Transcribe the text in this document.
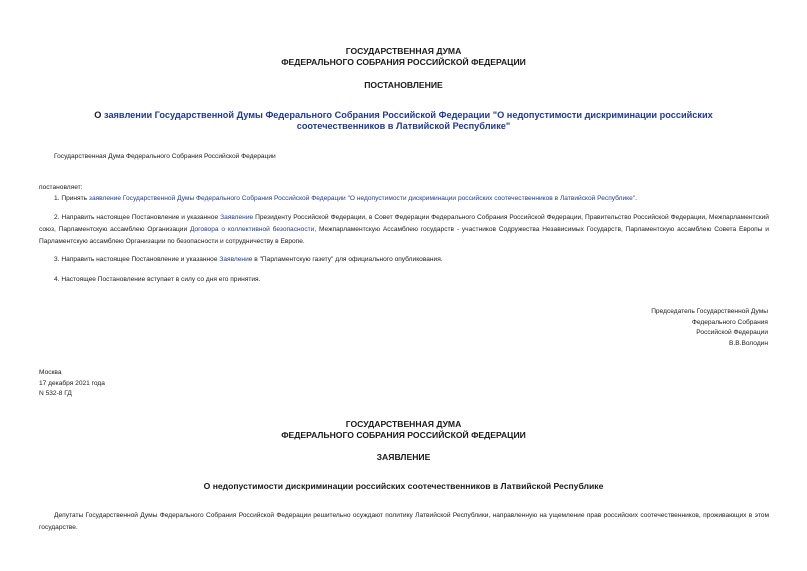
ГОСУДАРСТВЕННАЯ ДУМА
ФЕДЕРАЛЬНОГО СОБРАНИЯ РОССИЙСКОЙ ФЕДЕРАЦИИ
ПОСТАНОВЛЕНИЕ
О заявлении Государственной Думы Федерального Собрания Российской Федерации "О недопустимости дискриминации российских соотечественников в Латвийской Республике"
Государственная Дума Федерального Собрания Российской Федерации
постановляет:
1. Принять заявление Государственной Думы Федерального Собрания Российской Федерации "О недопустимости дискриминации российских соотечественников в Латвийской Республике".
2. Направить настоящее Постановление и указанное Заявление Президенту Российской Федерации, в Совет Федерации Федерального Собрания Российской Федерации, Правительство Российской Федерации, Межпарламентский союз, Парламентскую ассамблею Организации Договора о коллективной безопасности, Межпарламентскую Ассамблею государств - участников Содружества Независимых Государств, Парламентскую ассамблею Совета Европы и Парламентскую ассамблею Организации по безопасности и сотрудничеству в Европе.
3. Направить настоящее Постановление и указанное Заявление в "Парламентскую газету" для официального опубликования.
4. Настоящее Постановление вступает в силу со дня его принятия.
Председатель Государственной Думы
Федерального Собрания
Российской Федерации
В.В.Володин
Москва
17 декабря 2021 года
N 532-8 ГД
ГОСУДАРСТВЕННАЯ ДУМА
ФЕДЕРАЛЬНОГО СОБРАНИЯ РОССИЙСКОЙ ФЕДЕРАЦИИ
ЗАЯВЛЕНИЕ
О недопустимости дискриминации российских соотечественников в Латвийской Республике
Депутаты Государственной Думы Федерального Собрания Российской Федерации решительно осуждают политику Латвийской Республики, направленную на ущемление прав российских соотечественников, проживающих в этом государстве.
